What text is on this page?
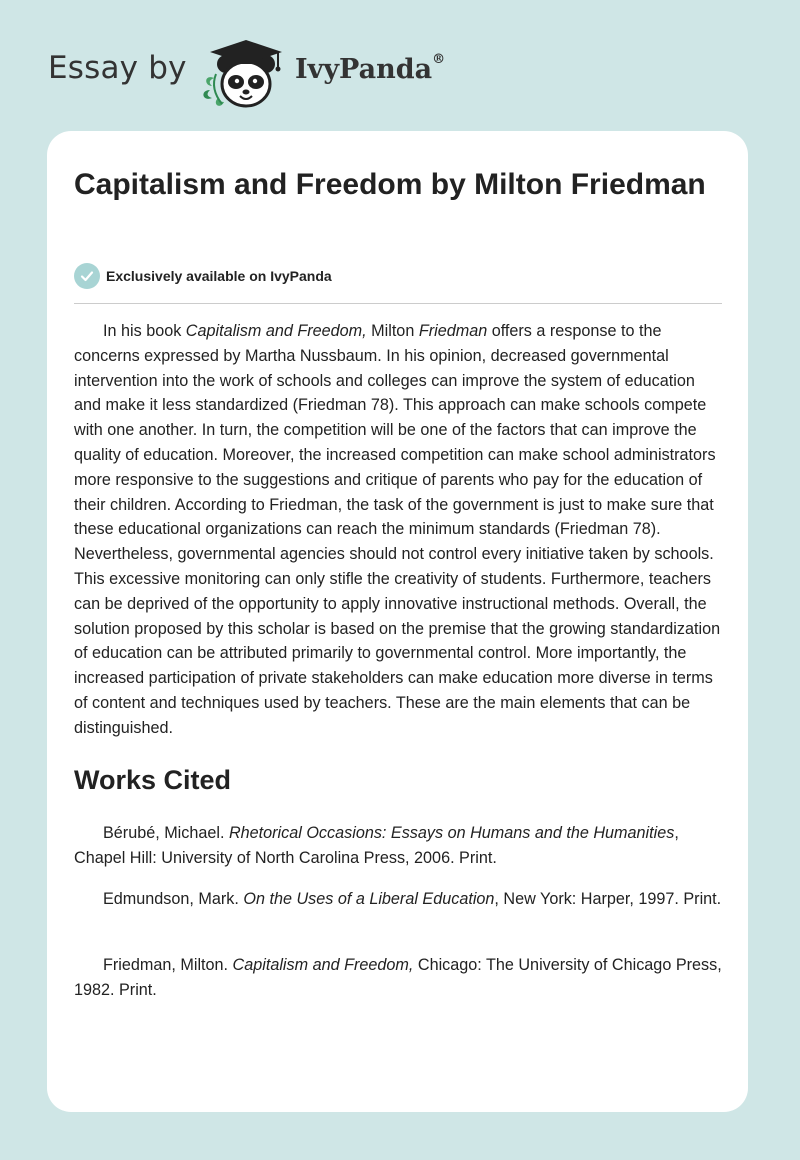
Essay by	IvyPanda®
Capitalism and Freedom by Milton Friedman
Exclusively available on IvyPanda

In his book Capitalism and Freedom, Milton Friedman offers a response to the concerns expressed by Martha Nussbaum. In his opinion, decreased governmental intervention into the work of schools and colleges can improve the system of education and make it less standardized (Friedman 78). This approach can make schools compete with one another. In turn, the competition will be one of the factors that can improve the quality of education. Moreover, the increased competition can make school administrators more responsive to the suggestions and critique of parents who pay for the education of their children. According to Friedman, the task of the government is just to make sure that these educational organizations can reach the minimum standards (Friedman 78). Nevertheless, governmental agencies should not control every initiative taken by schools. This excessive monitoring can only stifle the creativity of students. Furthermore, teachers can be deprived of the opportunity to apply innovative instructional methods. Overall, the solution proposed by this scholar is based on the premise that the growing standardization of education can be attributed primarily to governmental control. More importantly, the increased participation of private stakeholders can make education more diverse in terms of content and techniques used by teachers. These are the main elements that can be distinguished.

Works Cited

Bérubé, Michael. Rhetorical Occasions: Essays on Humans and the Humanities, Chapel Hill: University of North Carolina Press, 2006. Print.

Edmundson, Mark. On the Uses of a Liberal Education, New York: Harper, 1997. Print.

Friedman, Milton. Capitalism and Freedom, Chicago: The University of Chicago Press, 1982. Print.
